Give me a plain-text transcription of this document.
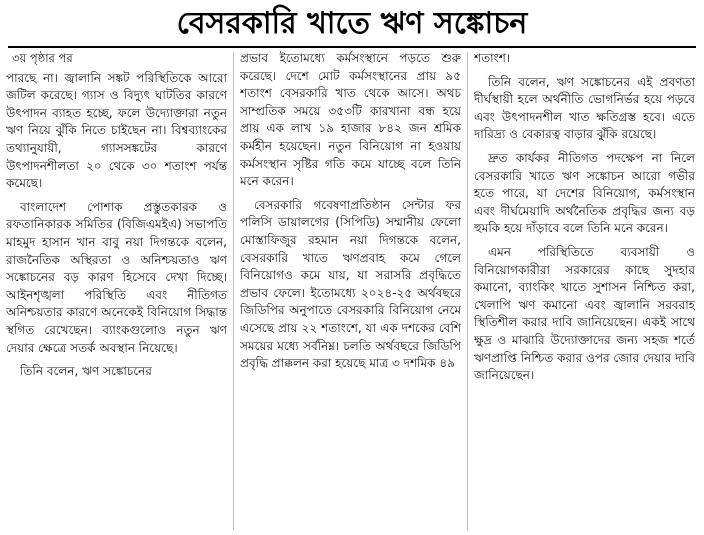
বেসরকারি খাতে ঋণ সঙ্কোচন
৩য় পৃষ্ঠার পর

পারছে না। জ্বালানি সঙ্কট পরিস্থিতিকে আরো জটিল করেছে। গ্যাস ও বিদ্যুৎ ঘাটতির কারণে উৎপাদন ব্যাহত হচ্ছে, ফলে উদ্যোক্তারা নতুন ঋণ নিয়ে ঝুঁকি নিতে চাইছেন না। বিশ্বব্যাংকের তথ্যানুযায়ী, গ্যাসসঙ্কটের কারণে উৎপাদনশীলতা ২০ থেকে ৩০ শতাংশ পর্যন্ত কমেছে।

বাংলাদেশ পোশাক প্রস্তুতকারক ও রফতানিকারক সমিতির (বিজিএমইএ) সভাপতি মাহমুদ হাসান খান বাবু নয়া দিগন্তকে বলেন, রাজনৈতিক অস্থিরতা ও অনিশ্চয়তাও ঋণ সঙ্কোচনের বড় কারণ হিসেবে দেখা দিচ্ছে। আইনশৃঙ্খলা পরিস্থিতি এবং নীতিগত অনিশ্চয়তার কারণে অনেকেই বিনিয়োগ সিদ্ধান্ত স্থগিত রেখেছেন। ব্যাংকগুলোও নতুন ঋণ দেয়ার ক্ষেত্রে সতর্ক অবস্থান নিয়েছে।

তিনি বলেন, ঋণ সঙ্কোচনের

প্রভাব ইতোমধ্যে কর্মসংস্থানে পড়তে শুরু করেছে। দেশে মোট কর্মসংস্থানের প্রায় ৯৫ শতাংশ বেসরকারি খাত থেকে আসে। অথচ সাম্প্রতিক সময়ে ৩৫৩টি কারখানা বন্ধ হয়ে প্রায় এক লাখ ১৯ হাজার ৮৪২ জন শ্রমিক কর্মহীন হয়েছেন। নতুন বিনিয়োগ না হওয়ায় কর্মসংস্থান সৃষ্টির গতি কমে যাচ্ছে বলে তিনি মনে করেন।

বেসরকারি গবেষণাপ্রতিষ্ঠান সেন্টার ফর পলিসি ডায়ালগের (সিপিডি) সম্মানীয় ফেলো মোস্তাফিজুর রহমান নয়া দিগন্তকে বলেন, বেসরকারি খাতে ঋণপ্রবাহ কমে গেলে বিনিয়োগও কমে যায়, যা সরাসরি প্রবৃদ্ধিতে প্রভাব ফেলে। ইতোমধ্যে ২০২৪-২৫ অর্থবছরে জিডিপির অনুপাতে বেসরকারি বিনিয়োগ নেমে এসেছে প্রায় ২২ শতাংশে, যা এক দশকের বেশি সময়ের মধ্যে সর্বনিম্ন। চলতি অর্থবছরে জিডিপি প্রবৃদ্ধি প্রাক্কলন করা হয়েছে মাত্র ৩ দশমিক ৪৯

শতাংশ।

তিনি বলেন, ঋণ সঙ্কোচনের এই প্রবণতা দীর্ঘস্থায়ী হলে অর্থনীতি ভোগনির্ভর হয়ে পড়বে এবং উৎপাদনশীল খাত ক্ষতিগ্রস্ত হবে। এতে দারিদ্র্য ও বেকারত্ব বাড়ার ঝুঁকি রয়েছে।

দ্রুত কার্যকর নীতিগত পদক্ষেপ না নিলে বেসরকারি খাতে ঋণ সঙ্কোচন আরো গভীর হতে পারে, যা দেশের বিনিয়োগ, কর্মসংস্থান এবং দীর্ঘমেয়াদি অর্থনৈতিক প্রবৃদ্ধির জন্য বড় হুমকি হয়ে দাঁড়াবে বলে তিনি মনে করেন।

এমন পরিস্থিতিতে ব্যবসায়ী ও বিনিয়োগকারীরা সরকারের কাছে সুদহার কমানো, ব্যাংকিং খাতে সুশাসন নিশ্চিত করা, খেলাপি ঋণ কমানো এবং জ্বালানি সরবরাহ স্থিতিশীল করার দাবি জানিয়েছেন। একই সাথে ক্ষুদ্র ও মাঝারি উদ্যোক্তাদের জন্য সহজ শর্তে ঋণপ্রাপ্তি নিশ্চিত করার ওপর জোর দেয়ার দাবি জানিয়েছেন।
